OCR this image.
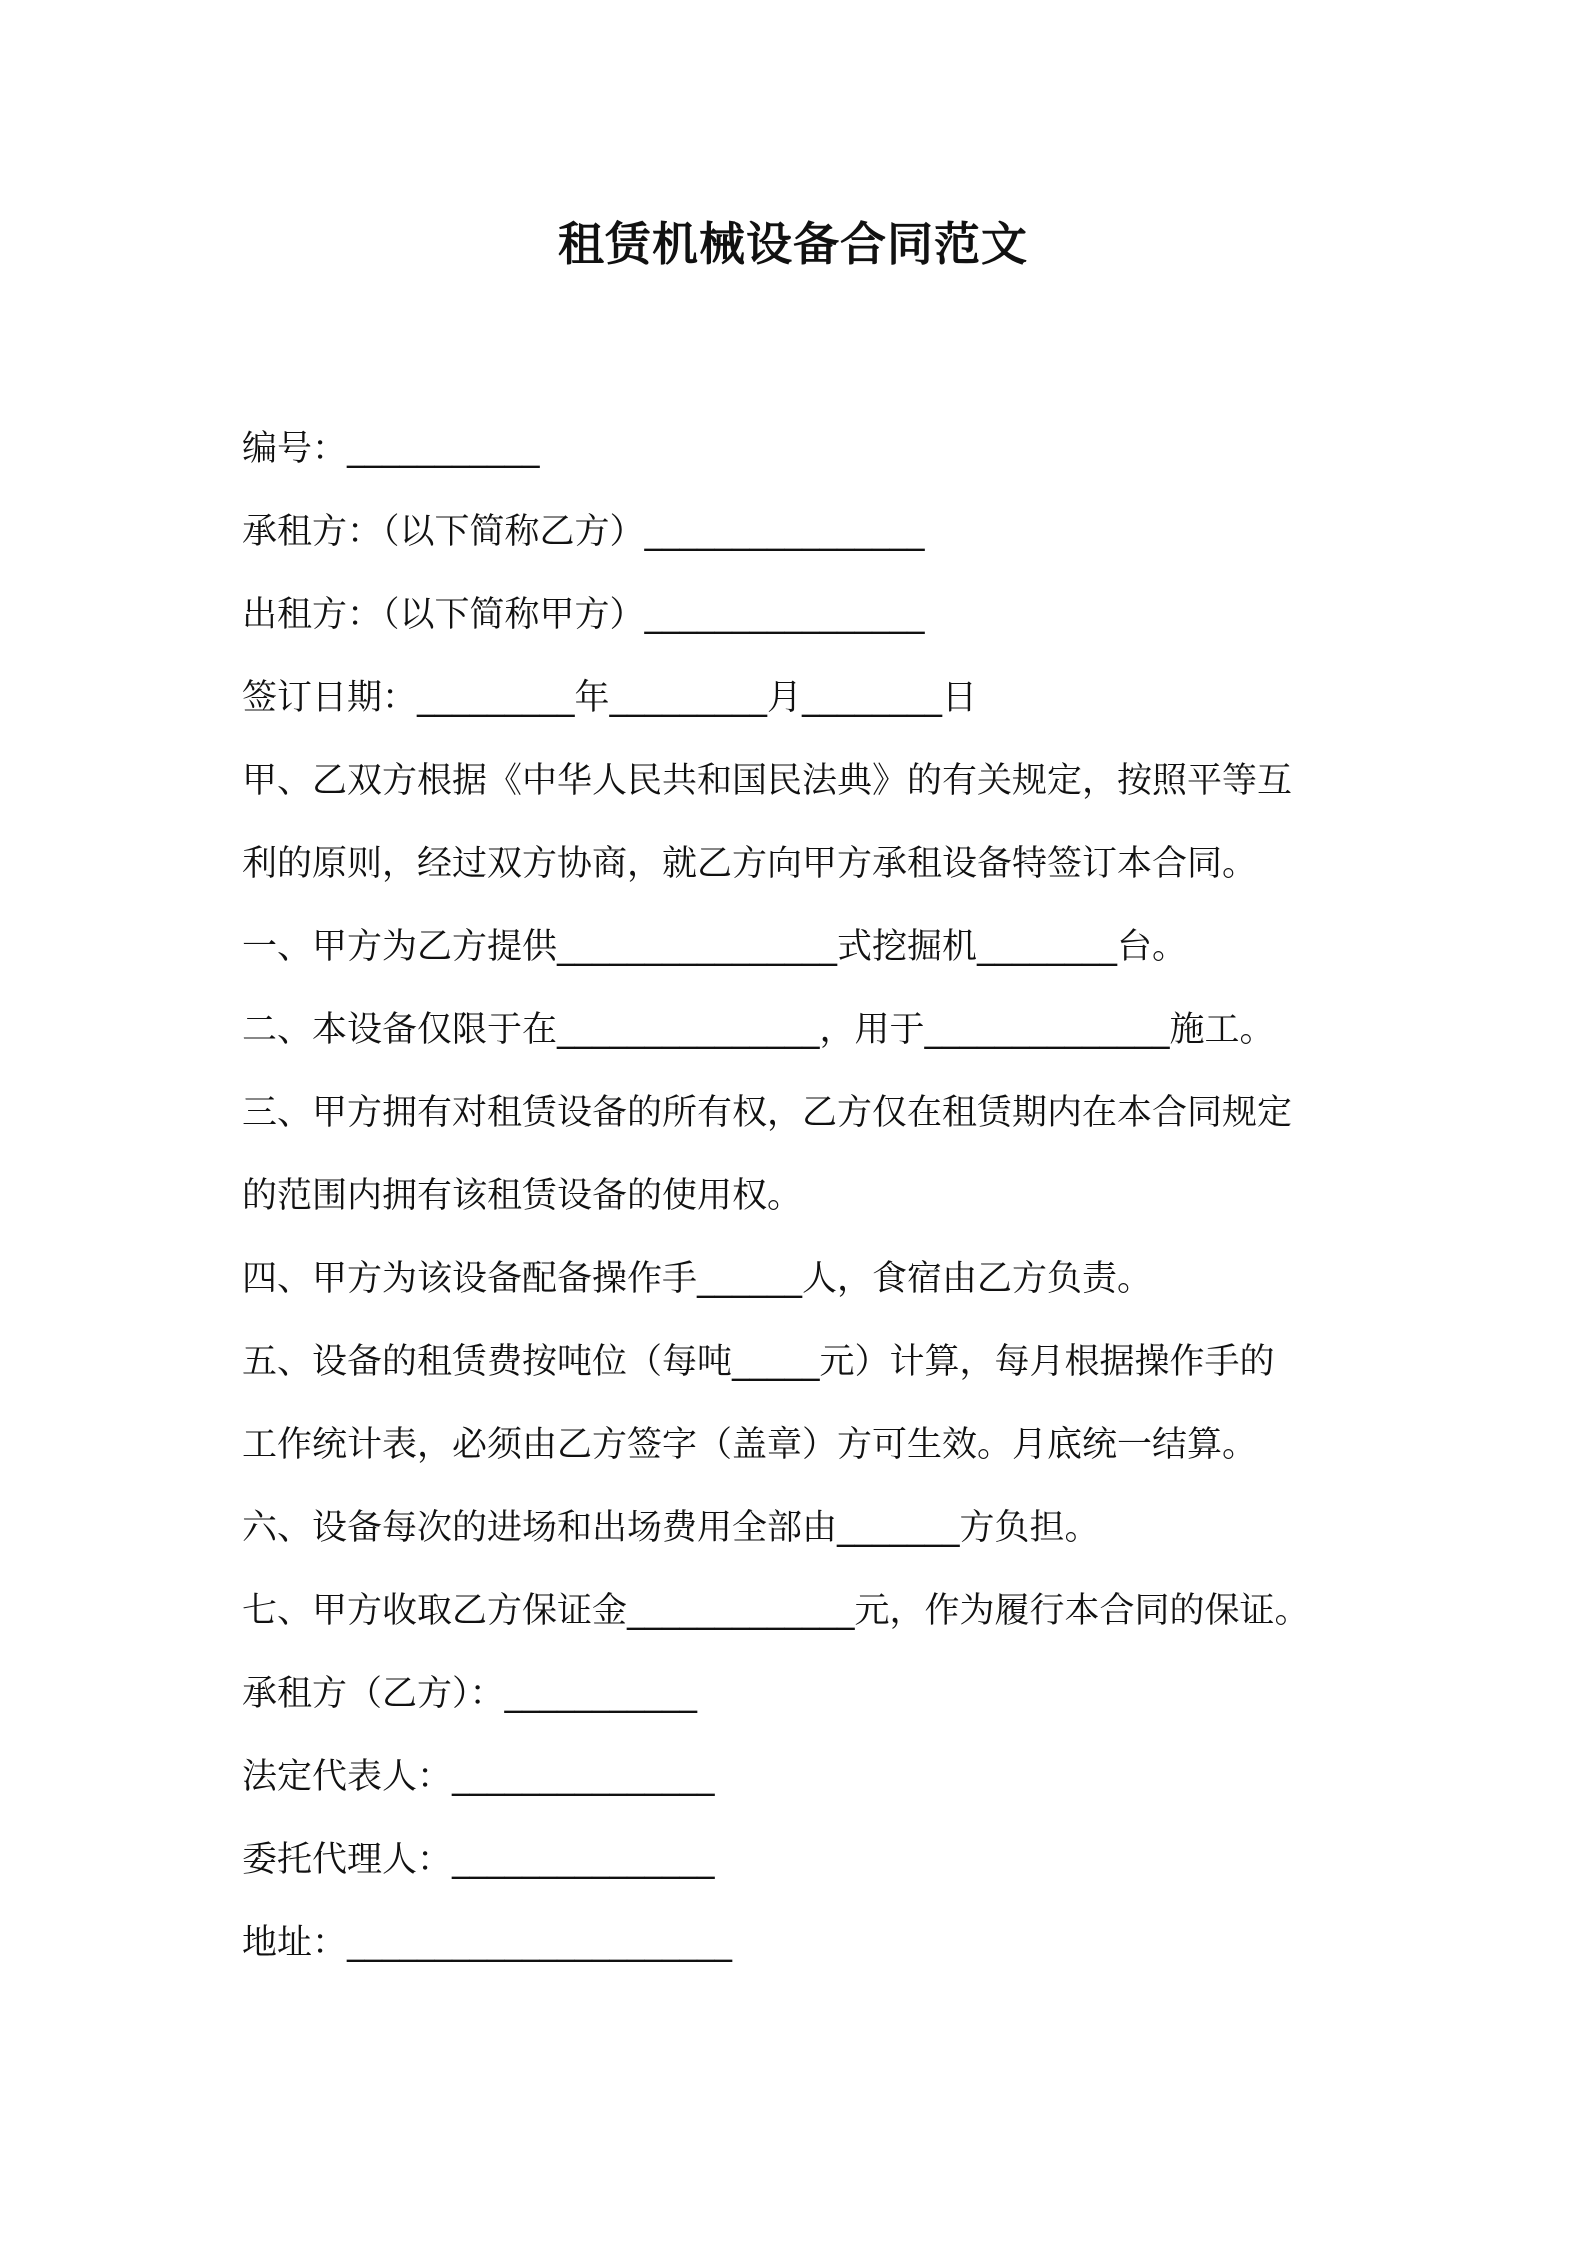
租赁机械设备合同范文

编号：___________

承租方：（以下简称乙方）________________

出租方：（以下简称甲方）________________

签订日期：_________年_________月________日

甲、乙双方根据《中华人民共和国民法典》的有关规定，按照平等互

利的原则，经过双方协商，就乙方向甲方承租设备特签订本合同。

一、甲方为乙方提供________________式挖掘机________台。

二、本设备仅限于在_______________，用于______________施工。

三、甲方拥有对租赁设备的所有权，乙方仅在租赁期内在本合同规定

的范围内拥有该租赁设备的使用权。

四、甲方为该设备配备操作手______人，食宿由乙方负责。

五、设备的租赁费按吨位（每吨_____元）计算，每月根据操作手的

工作统计表，必须由乙方签字（盖章）方可生效。月底统一结算。

六、设备每次的进场和出场费用全部由_______方负担。

七、甲方收取乙方保证金_____________元，作为履行本合同的保证。

承租方（乙方）：___________

法定代表人：_______________

委托代理人：_______________

地址：______________________
